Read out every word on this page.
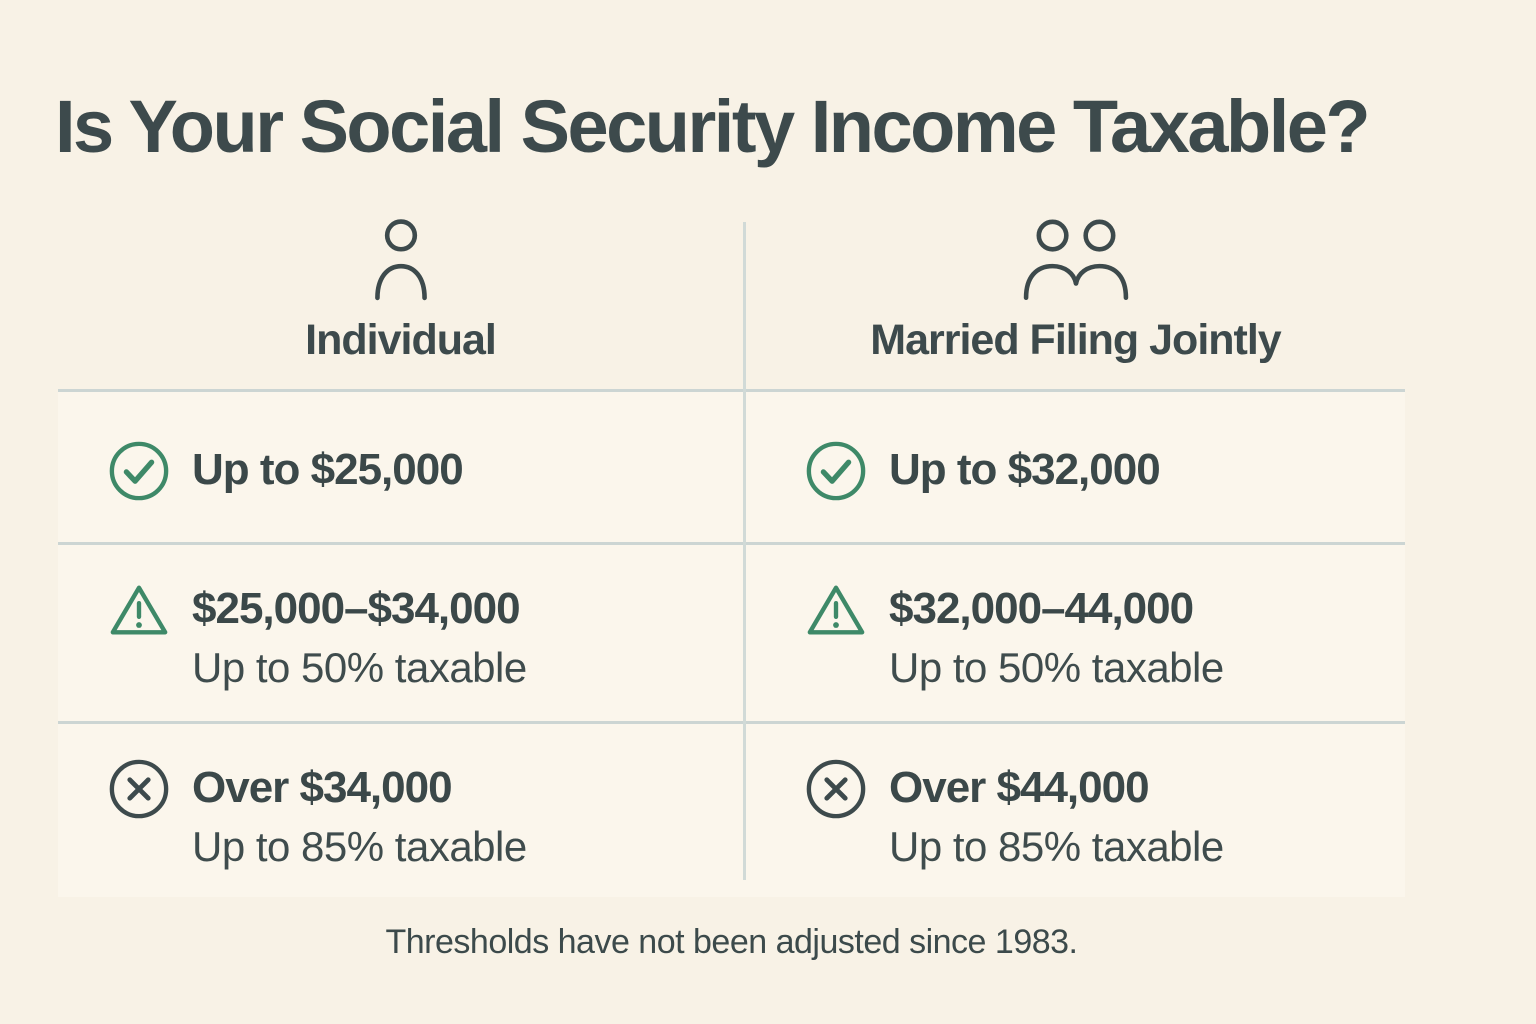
Is Your Social Security Income Taxable?
Individual	Married Filing Jointly
Up to $25,000	Up to $32,000
$25,000–$34,000
Up to 50% taxable
$32,000–44,000
Up to 50% taxable
Over $34,000
Up to 85% taxable
Over $44,000
Up to 85% taxable
Thresholds have not been adjusted since 1983.
